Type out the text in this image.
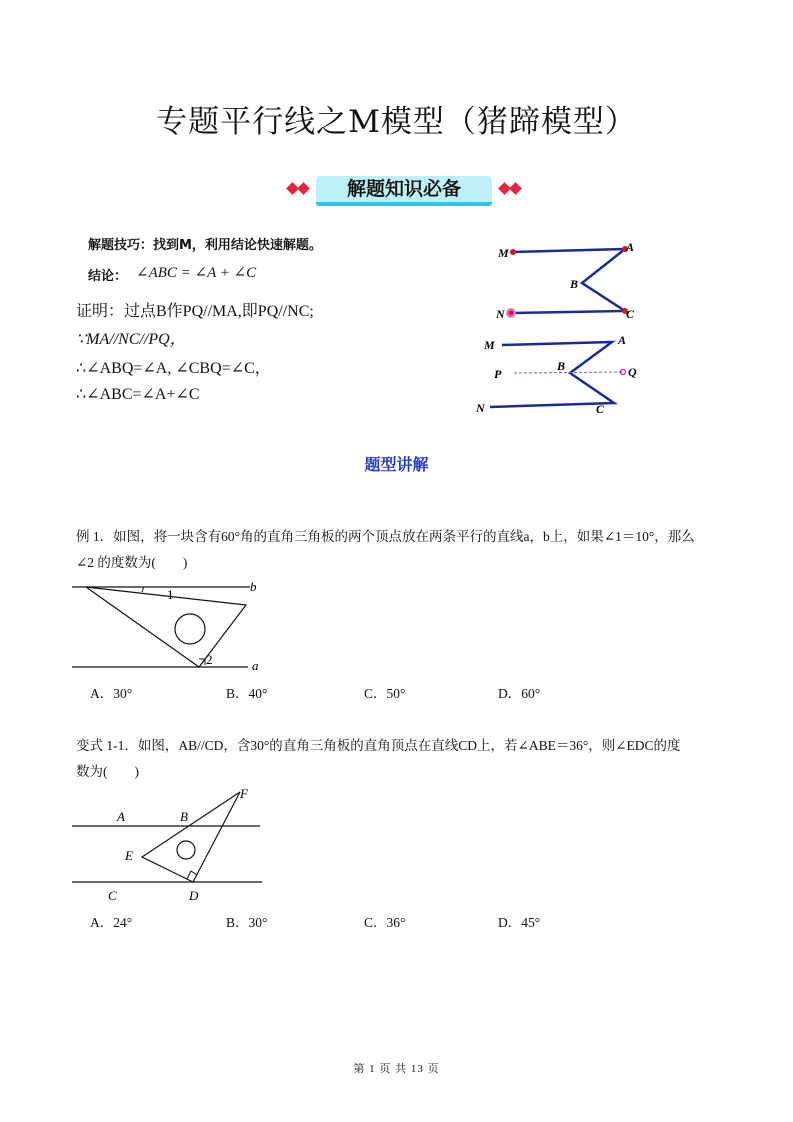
专题平行线之M模型（猪蹄模型）
解题知识必备
解题技巧：找到M，利用结论快速解题。
结论： ∠ABC = ∠A + ∠C
证明：过点B作PQ//MA,即PQ//NC;
∵MA//NC//PQ，
∴∠ABQ=∠A, ∠CBQ=∠C，
∴∠ABC=∠A+∠C
M	A
B
N	C
M	A
P
B	Q
N	C
题型讲解
例 1．如图，将一块含有60°角的直角三角板的两个顶点放在两条平行的直线a，b上，如果∠1＝10°，那么
∠2 的度数为(　　)
1
2
b
a
A．30°	B．40°	C．50°	D．60°
变式 1-1．如图，AB//CD，含30°的直角三角板的直角顶点在直线CD上，若∠ABE＝36°，则∠EDC的度
数为(　　)
A	B
F
E
C	D
A．24°	B．30°	C．36°	D．45°
第 1 页 共 13 页
